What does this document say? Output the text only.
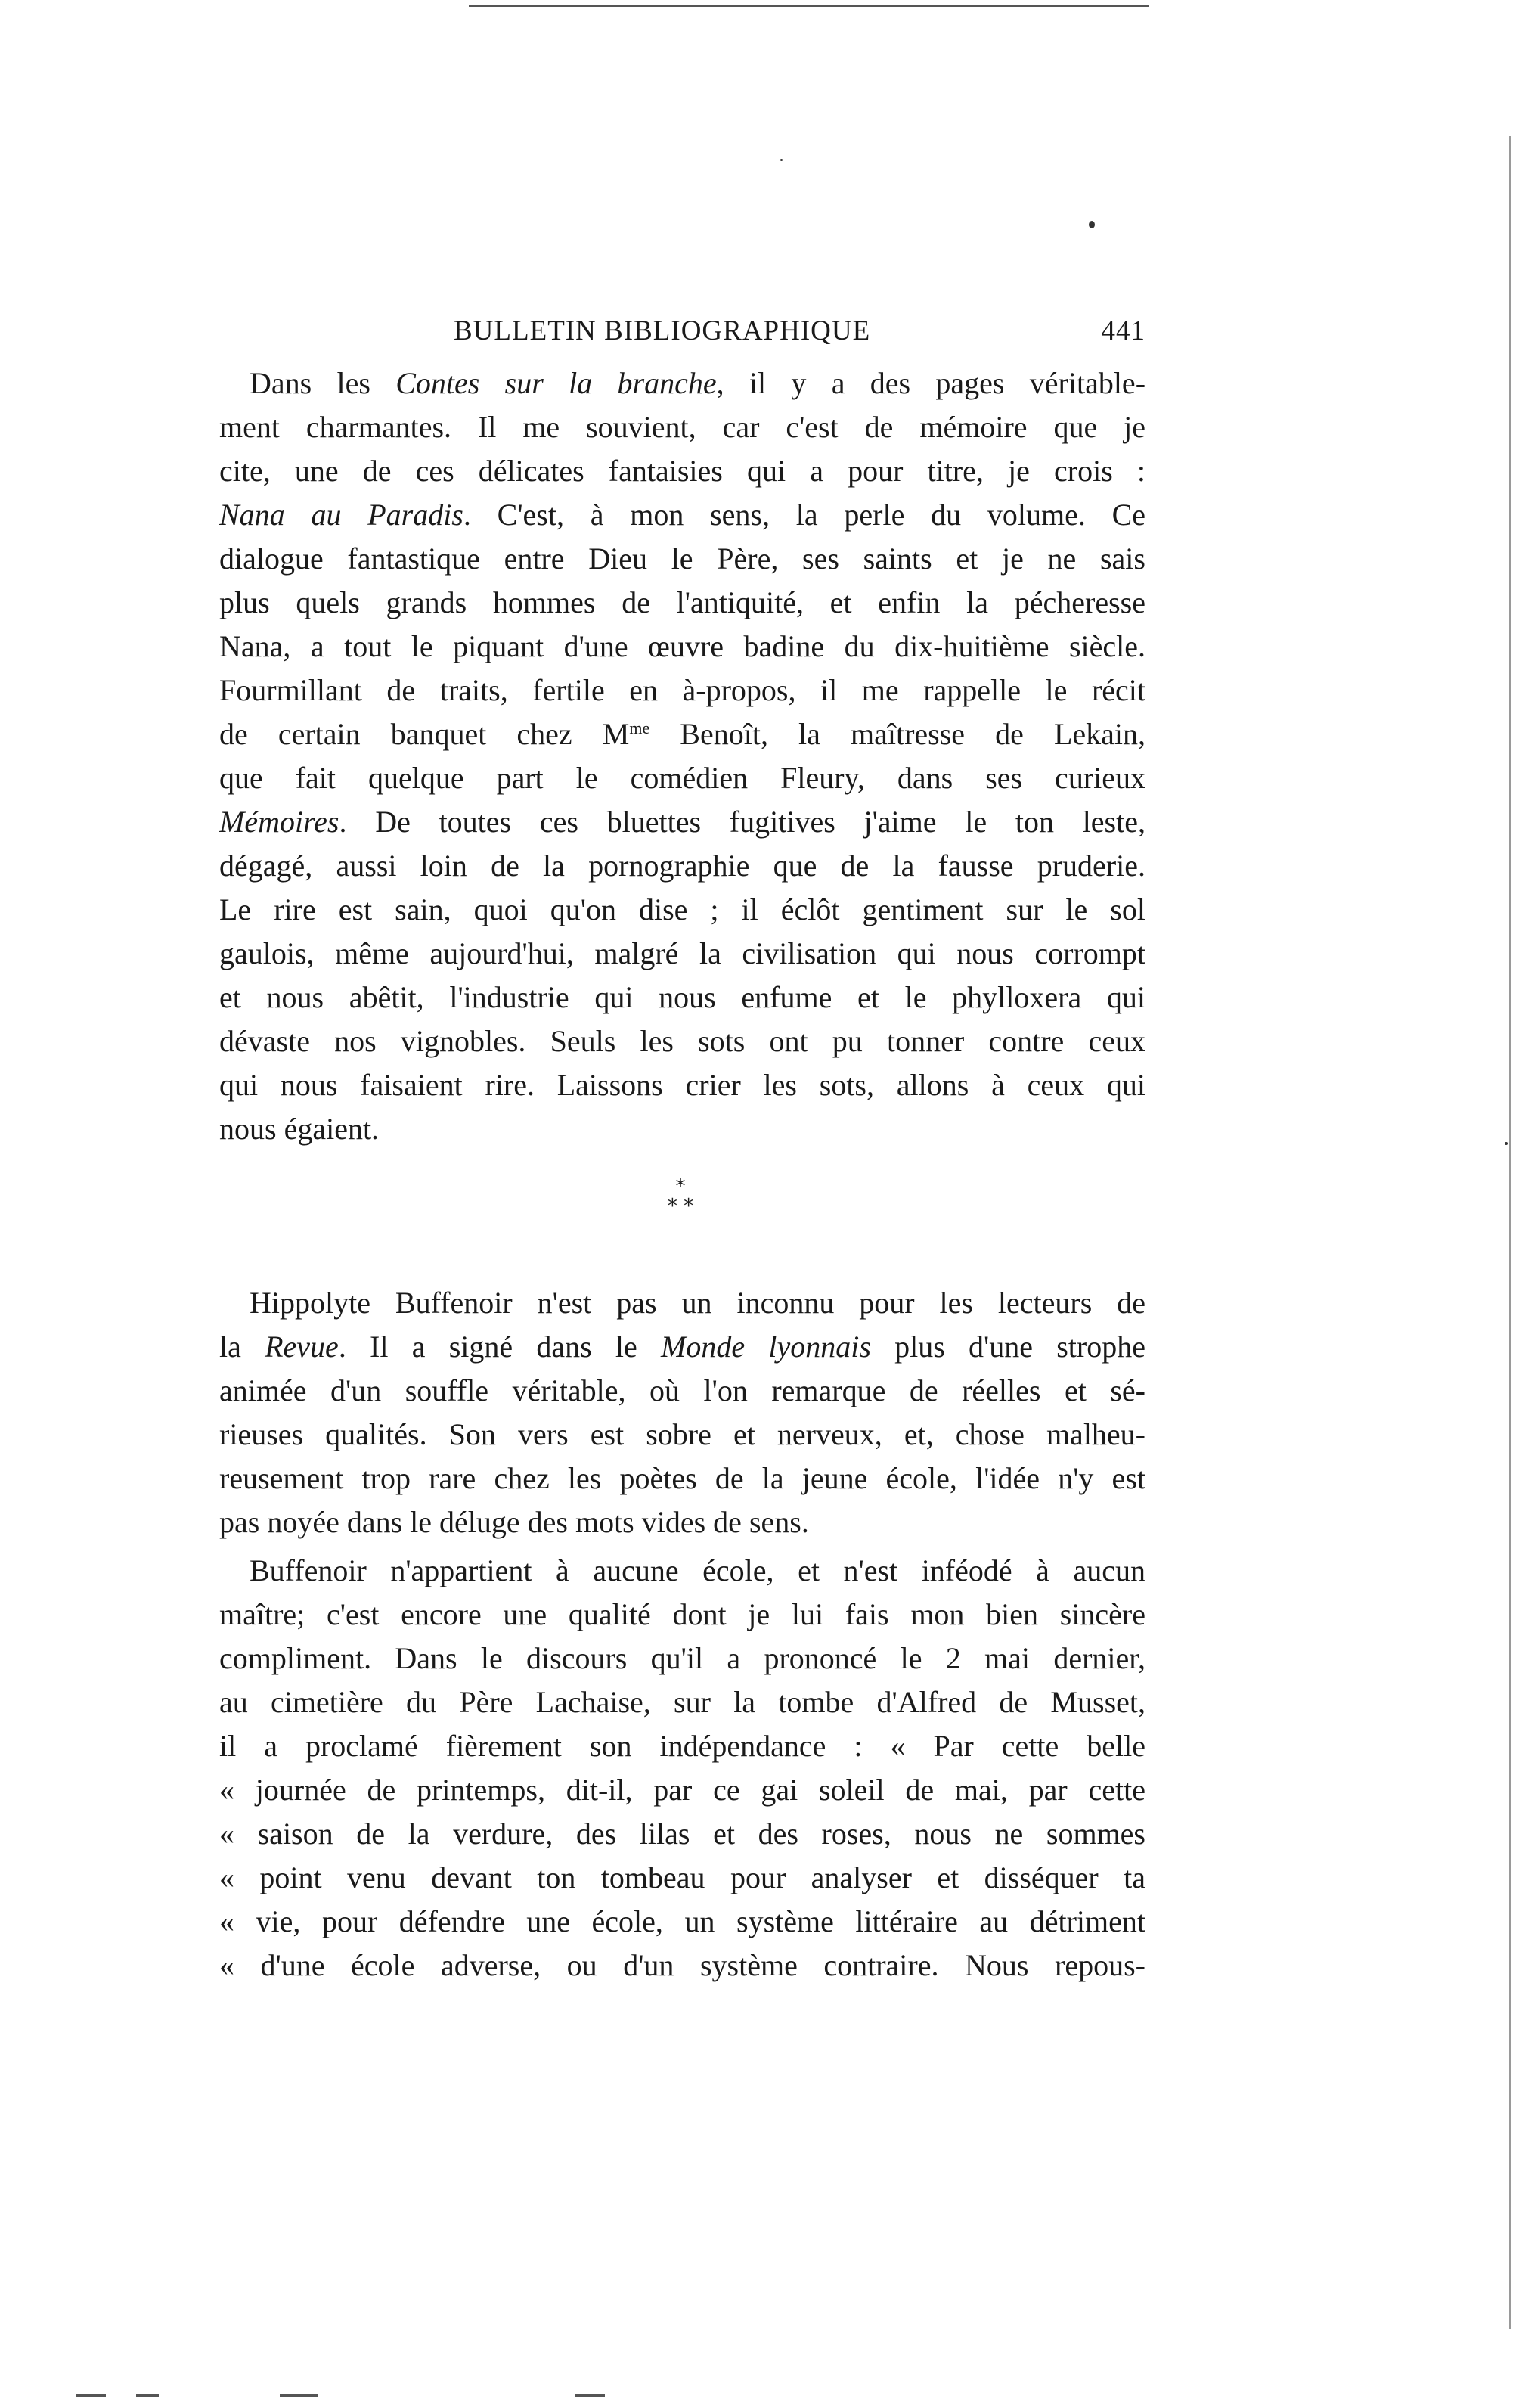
BULLETIN BIBLIOGRAPHIQUE	441
Dans les Contes sur la branche, il y a des pages véritable-
ment charmantes. Il me souvient, car c'est de mémoire que je
cite, une de ces délicates fantaisies qui a pour titre, je crois :
Nana au Paradis. C'est, à mon sens, la perle du volume. Ce
dialogue fantastique entre Dieu le Père, ses saints et je ne sais
plus quels grands hommes de l'antiquité, et enfin la pécheresse
Nana, a tout le piquant d'une œuvre badine du dix-huitième siècle.
Fourmillant de traits, fertile en à-propos, il me rappelle le récit
de certain banquet chez $M^{me}$ Benoît, la maîtresse de Lekain,
que fait quelque part le comédien Fleury, dans ses curieux
Mémoires. De toutes ces bluettes fugitives j'aime le ton leste,
dégagé, aussi loin de la pornographie que de la fausse pruderie.
Le rire est sain, quoi qu'on dise ; il éclôt gentiment sur le sol
gaulois, même aujourd'hui, malgré la civilisation qui nous corrompt
et nous abêtit, l'industrie qui nous enfume et le phylloxera qui
dévaste nos vignobles. Seuls les sots ont pu tonner contre ceux
qui nous faisaient rire. Laissons crier les sots, allons à ceux qui
nous égaient.
*
* *
Hippolyte Buffenoir n'est pas un inconnu pour les lecteurs de
la Revue. Il a signé dans le Monde lyonnais plus d'une strophe
animée d'un souffle véritable, où l'on remarque de réelles et sé-
rieuses qualités. Son vers est sobre et nerveux, et, chose malheu-
reusement trop rare chez les poètes de la jeune école, l'idée n'y est
pas noyée dans le déluge des mots vides de sens.
Buffenoir n'appartient à aucune école, et n'est inféodé à aucun
maître; c'est encore une qualité dont je lui fais mon bien sincère
compliment. Dans le discours qu'il a prononcé le 2 mai dernier,
au cimetière du Père Lachaise, sur la tombe d'Alfred de Musset,
il a proclamé fièrement son indépendance : « Par cette belle
« journée de printemps, dit-il, par ce gai soleil de mai, par cette
« saison de la verdure, des lilas et des roses, nous ne sommes
« point venu devant ton tombeau pour analyser et disséquer ta
« vie, pour défendre une école, un système littéraire au détriment
« d'une école adverse, ou d'un système contraire. Nous repous-
